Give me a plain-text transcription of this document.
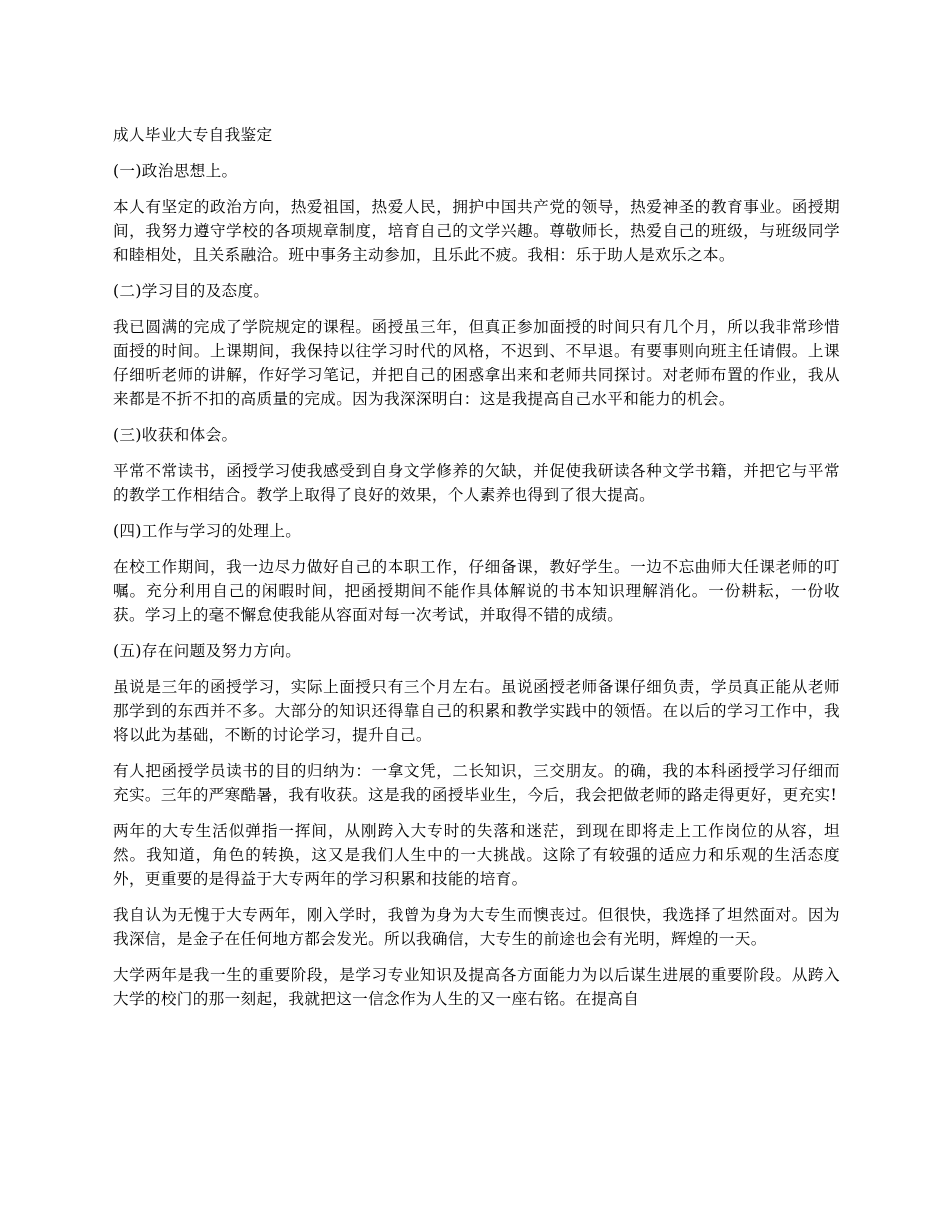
成人毕业大专自我鉴定

(一)政治思想上。

本人有坚定的政治方向，热爱祖国，热爱人民，拥护中国共产党的领导，热爱神圣的教育事业。函授期间，我努力遵守学校的各项规章制度，培育自己的文学兴趣。尊敬师长，热爱自己的班级，与班级同学和睦相处，且关系融洽。班中事务主动参加，且乐此不疲。我相：乐于助人是欢乐之本。

(二)学习目的及态度。

我已圆满的完成了学院规定的课程。函授虽三年，但真正参加面授的时间只有几个月，所以我非常珍惜面授的时间。上课期间，我保持以往学习时代的风格，不迟到、不早退。有要事则向班主任请假。上课仔细听老师的讲解，作好学习笔记，并把自己的困惑拿出来和老师共同探讨。对老师布置的作业，我从来都是不折不扣的高质量的完成。因为我深深明白：这是我提高自己水平和能力的机会。

(三)收获和体会。

平常不常读书，函授学习使我感受到自身文学修养的欠缺，并促使我研读各种文学书籍，并把它与平常的教学工作相结合。教学上取得了良好的效果，个人素养也得到了很大提高。

(四)工作与学习的处理上。

在校工作期间，我一边尽力做好自己的本职工作，仔细备课，教好学生。一边不忘曲师大任课老师的叮嘱。充分利用自己的闲暇时间，把函授期间不能作具体解说的书本知识理解消化。一份耕耘，一份收获。学习上的毫不懈怠使我能从容面对每一次考试，并取得不错的成绩。

(五)存在问题及努力方向。

虽说是三年的函授学习，实际上面授只有三个月左右。虽说函授老师备课仔细负责，学员真正能从老师那学到的东西并不多。大部分的知识还得靠自己的积累和教学实践中的领悟。在以后的学习工作中，我将以此为基础，不断的讨论学习，提升自己。

有人把函授学员读书的目的归纳为：一拿文凭，二长知识，三交朋友。的确，我的本科函授学习仔细而充实。三年的严寒酷暑，我有收获。这是我的函授毕业生，今后，我会把做老师的路走得更好，更充实!

两年的大专生活似弹指一挥间，从刚跨入大专时的失落和迷茫，到现在即将走上工作岗位的从容，坦然。我知道，角色的转换，这又是我们人生中的一大挑战。这除了有较强的适应力和乐观的生活态度外，更重要的是得益于大专两年的学习积累和技能的培育。

我自认为无愧于大专两年，刚入学时，我曾为身为大专生而懊丧过。但很快，我选择了坦然面对。因为我深信，是金子在任何地方都会发光。所以我确信，大专生的前途也会有光明，辉煌的一天。

大学两年是我一生的重要阶段，是学习专业知识及提高各方面能力为以后谋生进展的重要阶段。从跨入大学的校门的那一刻起，我就把这一信念作为人生的又一座右铭。在提高自
